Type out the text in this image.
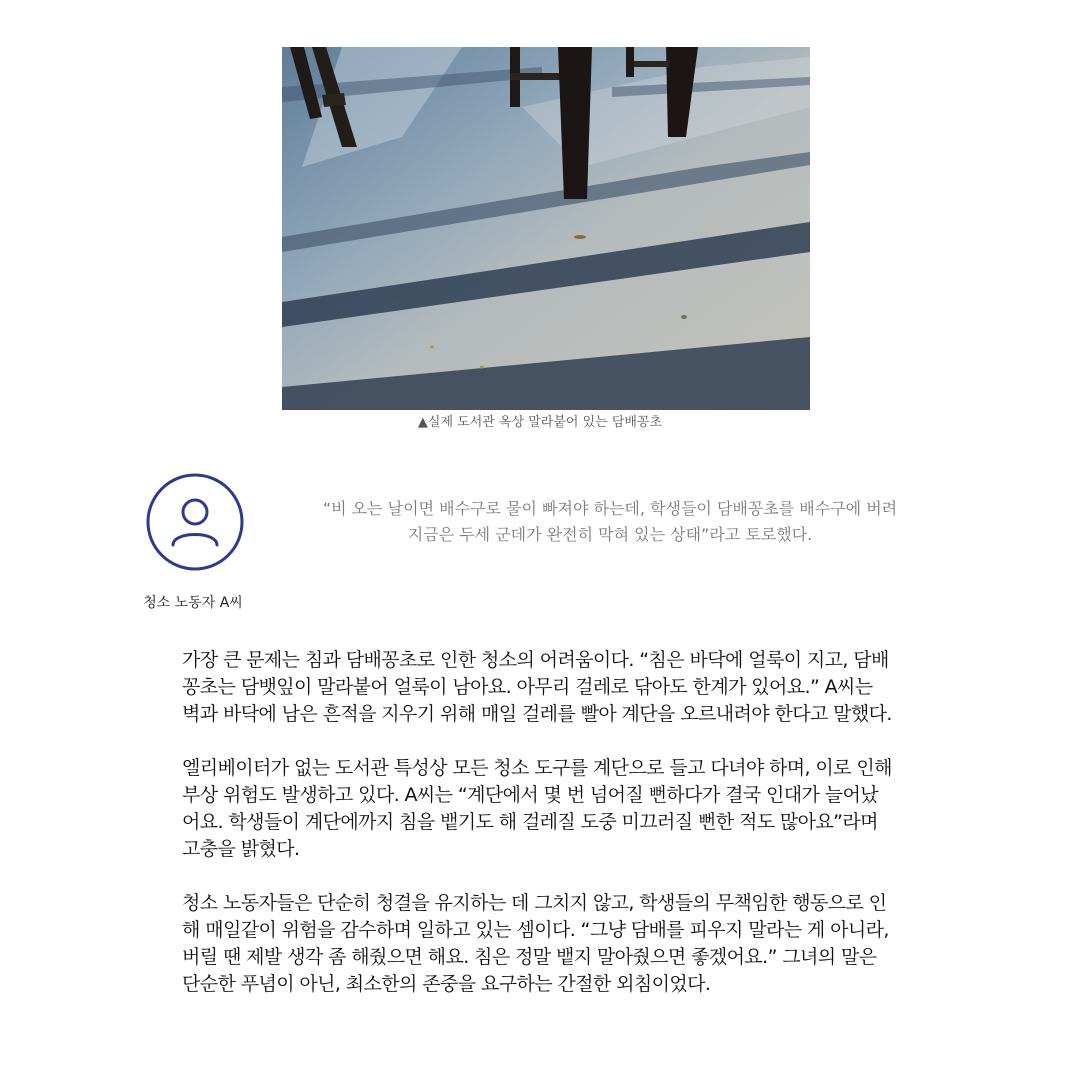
▲실제 도서관 옥상 말라붙어 있는 담배꽁초
청소 노동자 A씨

“비 오는 날이면 배수구로 물이 빠져야 하는데, 학생들이 담배꽁초를 배수구에 버려

지금은 두세 군데가 완전히 막혀 있는 상태”라고 토로했다.

가장 큰 문제는 침과 담배꽁초로 인한 청소의 어려움이다. “침은 바닥에 얼룩이 지고, 담배
꽁초는 담뱃잎이 말라붙어 얼룩이 남아요. 아무리 걸레로 닦아도 한계가 있어요.” A씨는
벽과 바닥에 남은 흔적을 지우기 위해 매일 걸레를 빨아 계단을 오르내려야 한다고 말했다.
엘리베이터가 없는 도서관 특성상 모든 청소 도구를 계단으로 들고 다녀야 하며, 이로 인해
부상 위험도 발생하고 있다. A씨는 “계단에서 몇 번 넘어질 뻔하다가 결국 인대가 늘어났
어요. 학생들이 계단에까지 침을 뱉기도 해 걸레질 도중 미끄러질 뻔한 적도 많아요”라며
고충을 밝혔다.
청소 노동자들은 단순히 청결을 유지하는 데 그치지 않고, 학생들의 무책임한 행동으로 인
해 매일같이 위험을 감수하며 일하고 있는 셈이다. “그냥 담배를 피우지 말라는 게 아니라,
버릴 땐 제발 생각 좀 해줬으면 해요. 침은 정말 뱉지 말아줬으면 좋겠어요.” 그녀의 말은
단순한 푸념이 아닌, 최소한의 존중을 요구하는 간절한 외침이었다.
